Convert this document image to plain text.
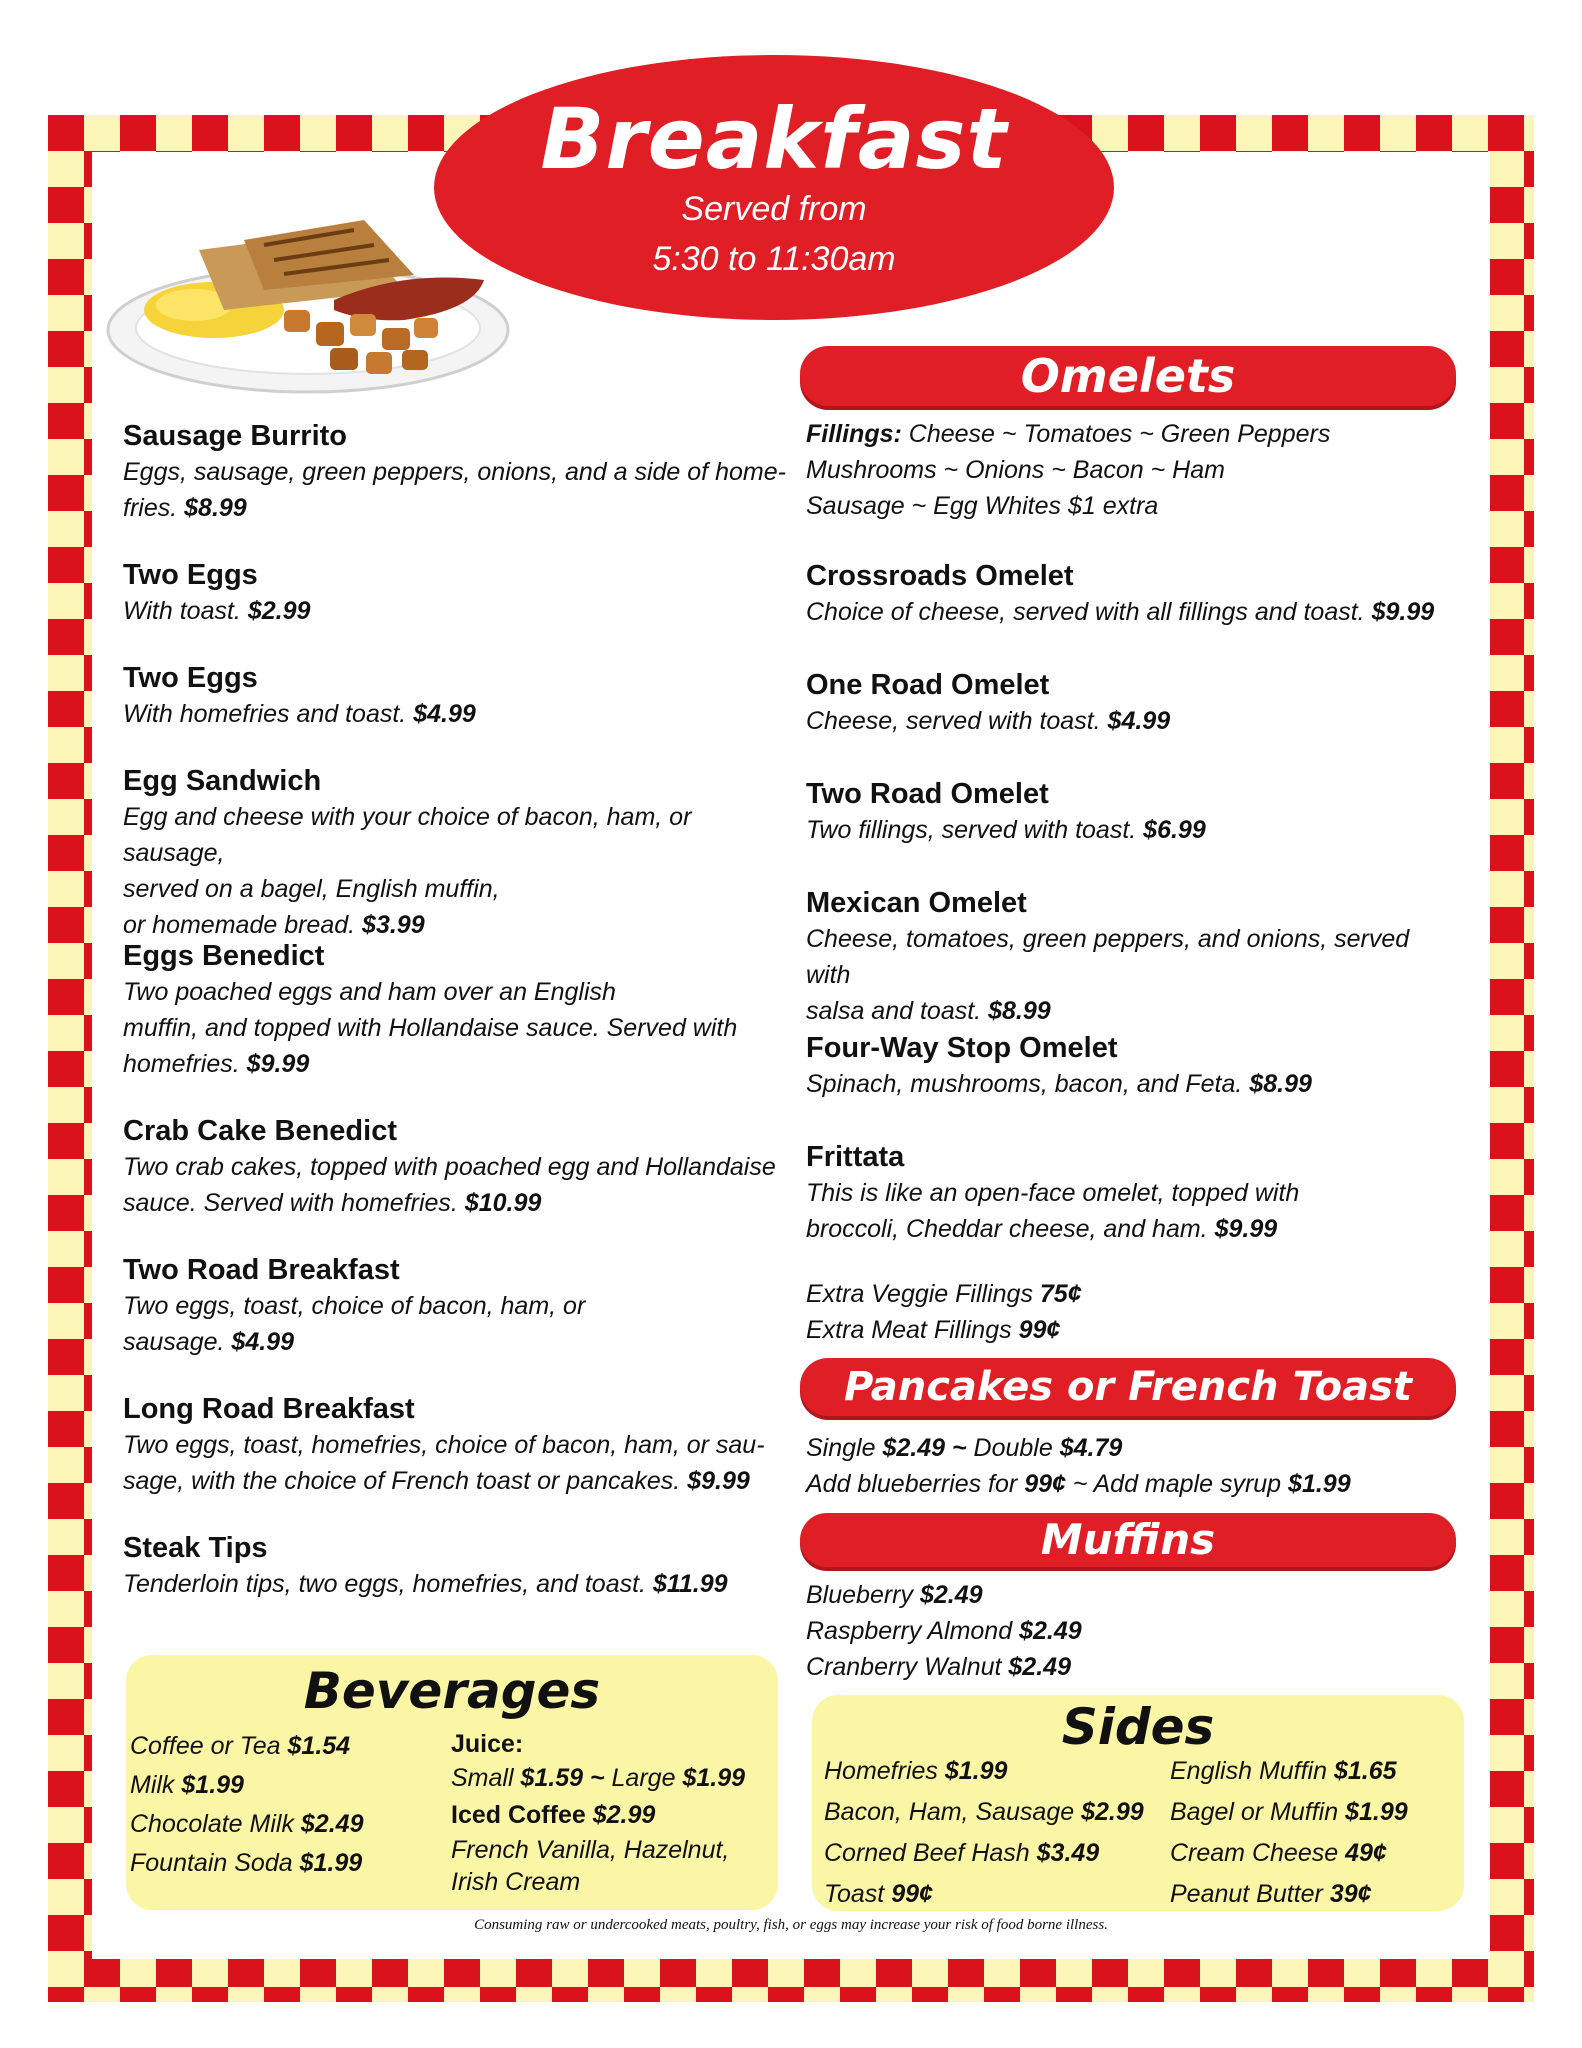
Breakfast
Served from
5:30 to 11:30am
Sausage Burrito
Eggs, sausage, green peppers, onions, and a side of home-
fries. $8.99
Two Eggs
With toast. $2.99
Two Eggs
With homefries and toast. $4.99
Egg Sandwich
Egg and cheese with your choice of bacon, ham, or sausage,
served on a bagel, English muffin,
or homemade bread. $3.99
Eggs Benedict
Two poached eggs and ham over an English
muffin, and topped with Hollandaise sauce. Served with
homefries. $9.99
Crab Cake Benedict
Two crab cakes, topped with poached egg and Hollandaise
sauce. Served with homefries. $10.99
Two Road Breakfast
Two eggs, toast, choice of bacon, ham, or
sausage. $4.99
Long Road Breakfast
Two eggs, toast, homefries, choice of bacon, ham, or sau-
sage, with the choice of French toast or pancakes. $9.99
Steak Tips
Tenderloin tips, two eggs, homefries, and toast. $11.99
Omelets
Fillings: Cheese ~ Tomatoes ~ Green Peppers
Mushrooms ~ Onions ~ Bacon ~ Ham
Sausage ~ Egg Whites $1 extra
Crossroads Omelet
Choice of cheese, served with all fillings and toast. $9.99
One Road Omelet
Cheese, served with toast. $4.99
Two Road Omelet
Two fillings, served with toast. $6.99
Mexican Omelet
Cheese, tomatoes, green peppers, and onions, served with
salsa and toast. $8.99
Four-Way Stop Omelet
Spinach, mushrooms, bacon, and Feta. $8.99
Frittata
This is like an open-face omelet, topped with
broccoli, Cheddar cheese, and ham. $9.99
Extra Veggie Fillings 75¢
Extra Meat Fillings 99¢
Pancakes or French Toast
Single $2.49 ~ Double $4.79
Add blueberries for 99¢ ~ Add maple syrup $1.99
Muffins
Blueberry $2.49
Raspberry Almond $2.49
Cranberry Walnut $2.49
Beverages
Coffee or Tea $1.54
Milk $1.99
Chocolate Milk $2.49
Fountain Soda $1.99
Juice:
Small $1.59 ~ Large $1.99
Iced Coffee $2.99
French Vanilla, Hazelnut,
Irish Cream
Sides
Homefries $1.99
Bacon, Ham, Sausage $2.99
Corned Beef Hash $3.49
Toast 99¢
English Muffin $1.65
Bagel or Muffin $1.99
Cream Cheese 49¢
Peanut Butter 39¢
Consuming raw or undercooked meats, poultry, fish, or eggs may increase your risk of food borne illness.
